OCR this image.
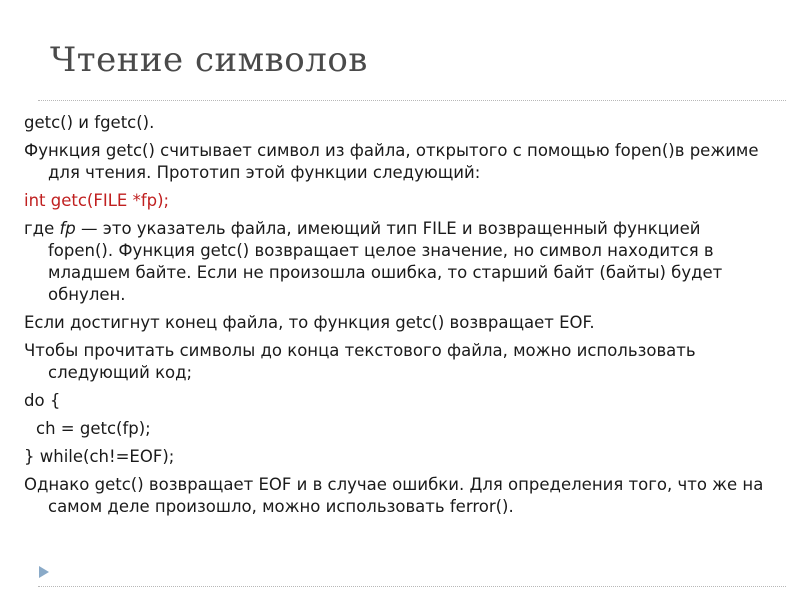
Чтение символов

getc() и fgetc().

Функция getc() считывает символ из файла, открытого с помощью fopen()в режиме для чтения. Прототип этой функции следующий:

int getc(FILE *fp);

где fp — это указатель файла, имеющий тип FILE и возвращенный функцией fopen(). Функция getc() возвращает целое значение, но символ находится в младшем байте. Если не произошла ошибка, то старший байт (байты) будет обнулен.

Если достигнут конец файла, то функция getc() возвращает EOF.

Чтобы прочитать символы до конца текстового файла, можно использовать следующий код;

do {

ch = getc(fp);

} while(ch!=EOF);

Однако getc() возвращает EOF и в случае ошибки. Для определения того, что же на самом деле произошло, можно использовать ferror().
